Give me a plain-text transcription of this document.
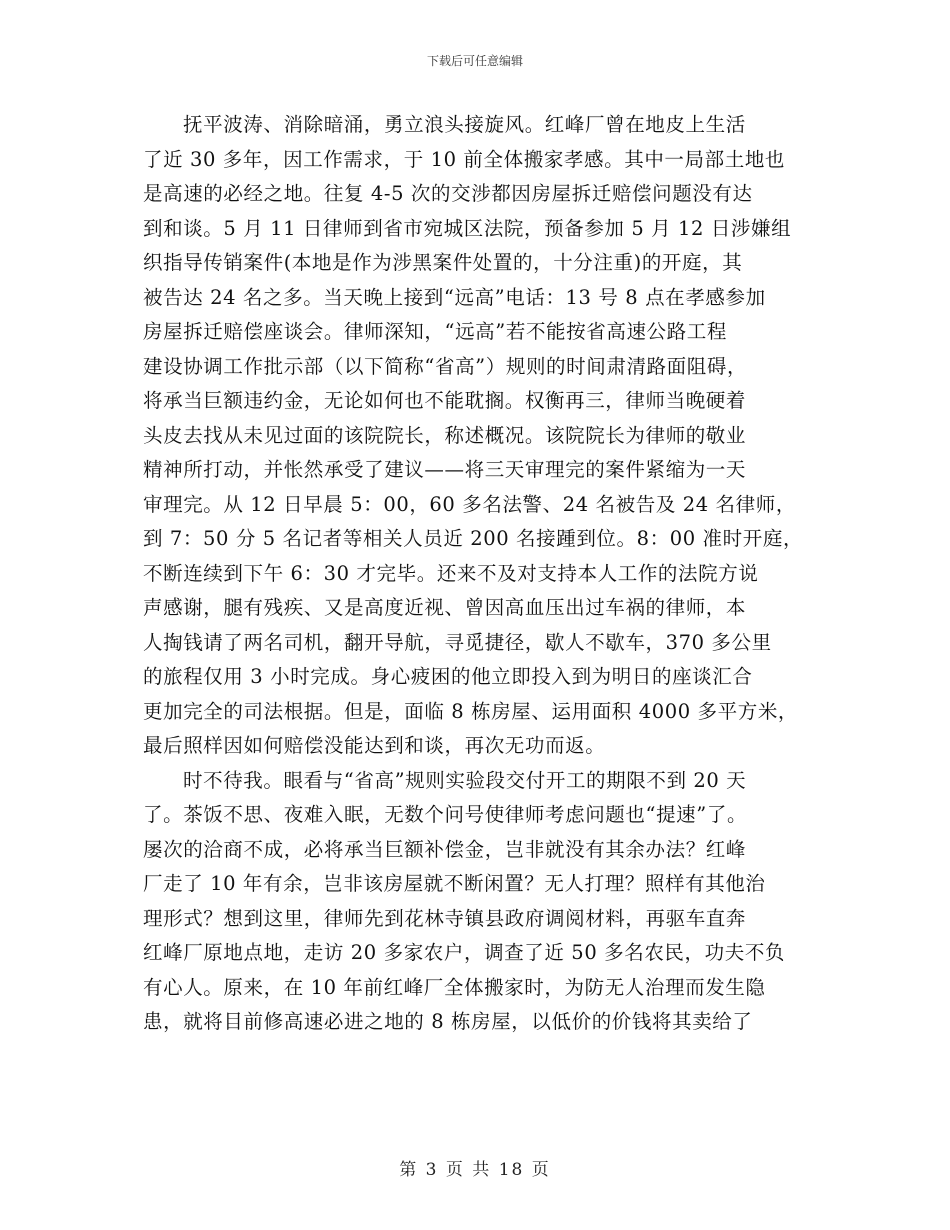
下载后可任意编辑
抚平波涛、消除暗涌，勇立浪头接旋风。红峰厂曾在地皮上生活
了近 30 多年，因工作需求，于 10 前全体搬家孝感。其中一局部土地也
是高速的必经之地。往复 4-5 次的交涉都因房屋拆迁赔偿问题没有达
到和谈。5 月 11 日律师到省市宛城区法院，预备参加 5 月 12 日涉嫌组
织指导传销案件(本地是作为涉黑案件处置的，十分注重)的开庭，其
被告达 24 名之多。当天晚上接到“远高”电话：13 号 8 点在孝感参加
房屋拆迁赔偿座谈会。律师深知，“远高”若不能按省高速公路工程
建设协调工作批示部（以下简称“省高”）规则的时间肃清路面阻碍，
将承当巨额违约金，无论如何也不能耽搁。权衡再三，律师当晚硬着
头皮去找从未见过面的该院院长，称述概况。该院院长为律师的敬业
精神所打动，并怅然承受了建议——将三天审理完的案件紧缩为一天
审理完。从 12 日早晨 5：00，60 多名法警、24 名被告及 24 名律师，
到 7：50 分 5 名记者等相关人员近 200 名接踵到位。8：00 准时开庭，
不断连续到下午 6：30 才完毕。还来不及对支持本人工作的法院方说
声感谢，腿有残疾、又是高度近视、曾因高血压出过车祸的律师，本
人掏钱请了两名司机，翻开导航，寻觅捷径，歇人不歇车，370 多公里
的旅程仅用 3 小时完成。身心疲困的他立即投入到为明日的座谈汇合
更加完全的司法根据。但是，面临 8 栋房屋、运用面积 4000 多平方米，
最后照样因如何赔偿没能达到和谈，再次无功而返。
时不待我。眼看与“省高”规则实验段交付开工的期限不到 20 天
了。茶饭不思、夜难入眠，无数个问号使律师考虑问题也“提速”了。
屡次的洽商不成，必将承当巨额补偿金，岂非就没有其余办法？红峰
厂走了 10 年有余，岂非该房屋就不断闲置？无人打理？照样有其他治
理形式？想到这里，律师先到花林寺镇县政府调阅材料，再驱车直奔
红峰厂原地点地，走访 20 多家农户，调查了近 50 多名农民，功夫不负
有心人。原来，在 10 年前红峰厂全体搬家时，为防无人治理而发生隐
患，就将目前修高速必进之地的 8 栋房屋，以低价的价钱将其卖给了
第 3 页 共 18 页
